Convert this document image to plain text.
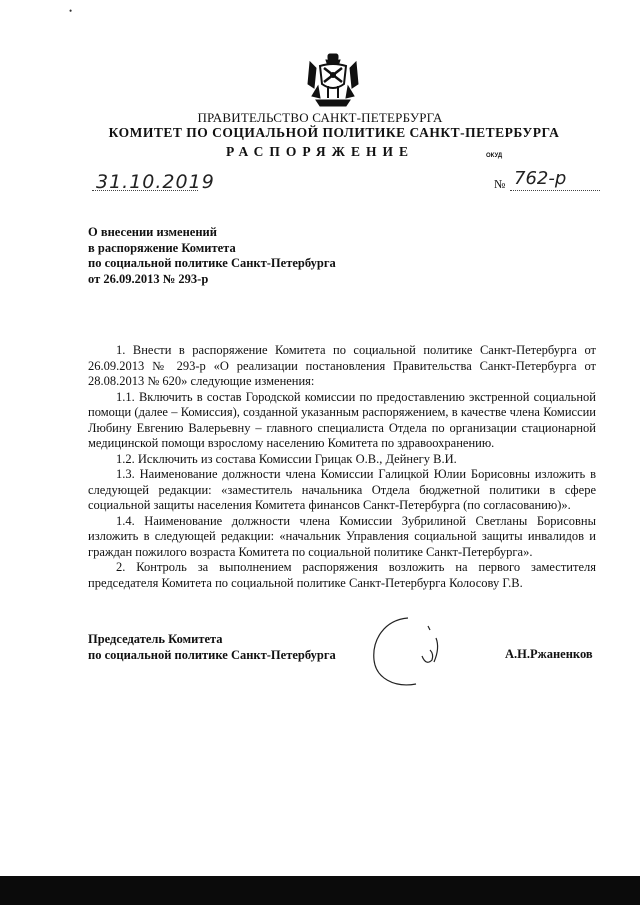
•
ПРАВИТЕЛЬСТВО САНКТ-ПЕТЕРБУРГА
КОМИТЕТ ПО СОЦИАЛЬНОЙ ПОЛИТИКЕ САНКТ-ПЕТЕРБУРГА
РАСПОРЯЖЕНИЕ	ОКУД
31.10.2019	№ 762-р
О внесении изменений
в распоряжение Комитета
по социальной политике Санкт-Петербурга
от 26.09.2013 № 293-р

1. Внести в распоряжение Комитета по социальной политике Санкт-Петербурга от 26.09.2013 № 293-р «О реализации постановления Правительства Санкт-Петербурга от 28.08.2013 № 620» следующие изменения:

1.1. Включить в состав Городской комиссии по предоставлению экстренной социальной помощи (далее – Комиссия), созданной указанным распоряжением, в качестве члена Комиссии Любину Евгению Валерьевну – главного специалиста Отдела по организации стационарной медицинской помощи взрослому населению Комитета по здравоохранению.

1.2. Исключить из состава Комиссии Грицак О.В., Дейнегу В.И.

1.3. Наименование должности члена Комиссии Галицкой Юлии Борисовны изложить в следующей редакции: «заместитель начальника Отдела бюджетной политики в сфере социальной защиты населения Комитета финансов Санкт-Петербурга (по согласованию)».

1.4. Наименование должности члена Комиссии Зубрилиной Светланы Борисовны изложить в следующей редакции: «начальник Управления социальной защиты инвалидов и граждан пожилого возраста Комитета по социальной политике Санкт-Петербурга».

2. Контроль за выполнением распоряжения возложить на первого заместителя председателя Комитета по социальной политике Санкт-Петербурга Колосову Г.В.

Председатель Комитета
по социальной политике Санкт-Петербурга	А.Н.Ржаненков
